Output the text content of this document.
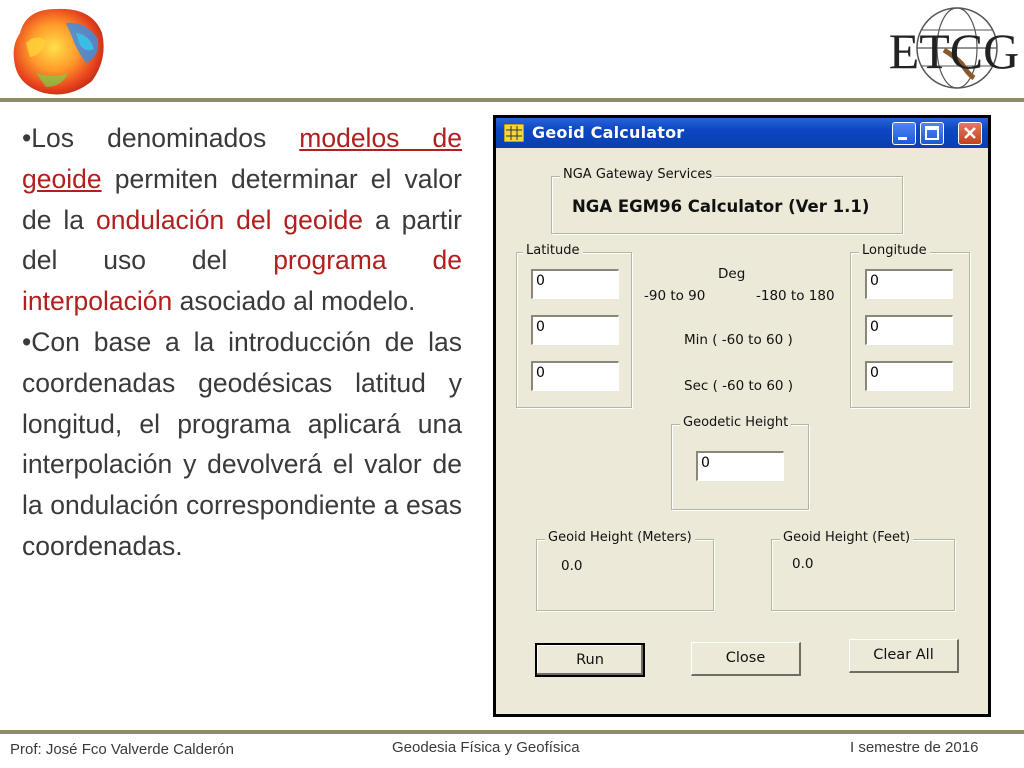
ETCG

•Los denominados modelos de geoide permiten determinar el valor de la ondulación del geoide a partir del uso del programa de interpolación asociado al modelo.

•Con base a la introducción de las coordenadas geodésicas latitud y longitud, el programa aplicará una interpolación y devolverá el valor de la ondulación correspondiente a esas coordenadas.

Geoid Calculator
NGA Gateway Services
NGA EGM96 Calculator (Ver 1.1)
Latitude
0
0
0
Deg
-90 to 90	-180 to 180
Min ( -60 to 60 )
Sec ( -60 to 60 )
Longitude
0
0
0
Geodetic Height
0
Geoid Height (Meters)
0.0
Geoid Height (Feet)
0.0
Run	Close	Clear All
Prof: José Fco Valverde Calderón	Geodesia Física y Geofísica	I semestre de 2016
